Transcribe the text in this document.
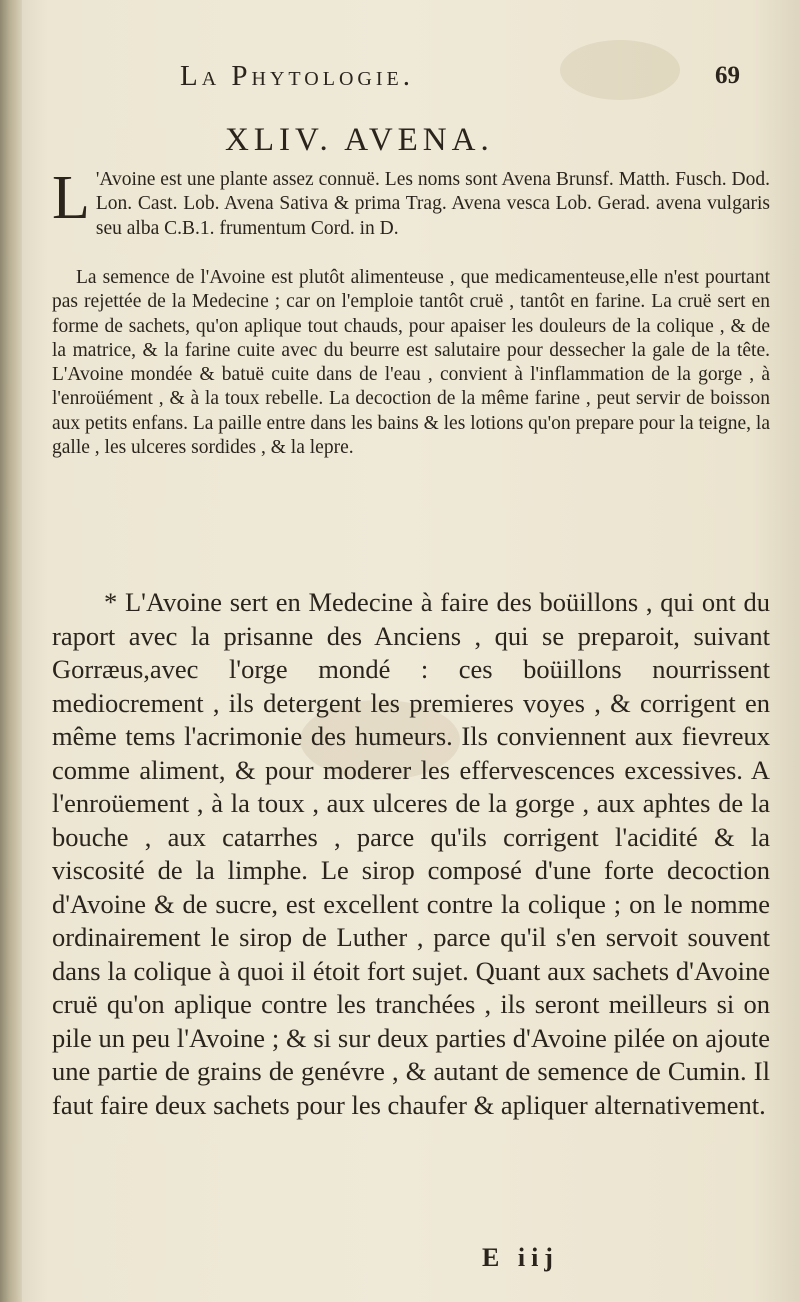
La Phytologie.	69
XLIV. AVENA.
L 'Avoine est une plante assez connuë. Les noms sont Avena Brunsf. Matth. Fusch. Dod. Lon. Cast. Lob. Avena Sativa & prima Trag. Avena vesca Lob. Gerad. avena vulgaris seu alba C.B.1. frumentum Cord. in D.
La semence de l'Avoine est plutôt alimenteuse , que medicamenteuse,elle n'est pourtant pas rejettée de la Medecine ; car on l'emploie tantôt cruë , tantôt en farine. La cruë sert en forme de sachets, qu'on aplique tout chauds, pour apaiser les douleurs de la colique , & de la matrice, & la farine cuite avec du beurre est salutaire pour dessecher la gale de la tête. L'Avoine mondée & batuë cuite dans de l'eau , convient à l'inflammation de la gorge , à l'enroüément , & à la toux rebelle. La decoction de la même farine , peut servir de boisson aux petits enfans. La paille entre dans les bains & les lotions qu'on prepare pour la teigne, la galle , les ulceres sordides , & la lepre.
* L'Avoine sert en Medecine à faire des boüillons , qui ont du raport avec la prisanne des Anciens , qui se preparoit, suivant Gorræus,avec l'orge mondé : ces boüillons nourrissent mediocrement , ils detergent les premieres voyes , & corrigent en même tems l'acrimonie des humeurs. Ils conviennent aux fievreux comme aliment, & pour moderer les effervescences excessives. A l'enroüement , à la toux , aux ulceres de la gorge , aux aphtes de la bouche , aux catarrhes , parce qu'ils corrigent l'acidité & la viscosité de la limphe. Le sirop composé d'une forte decoction d'Avoine & de sucre, est excellent contre la colique ; on le nomme ordinairement le sirop de Luther , parce qu'il s'en servoit souvent dans la colique à quoi il étoit fort sujet. Quant aux sachets d'Avoine cruë qu'on aplique contre les tranchées , ils seront meilleurs si on pile un peu l'Avoine ; & si sur deux parties d'Avoine pilée on ajoute une partie de grains de genévre , & autant de semence de Cumin. Il faut faire deux sachets pour les chaufer & apliquer alternativement.
E iij
